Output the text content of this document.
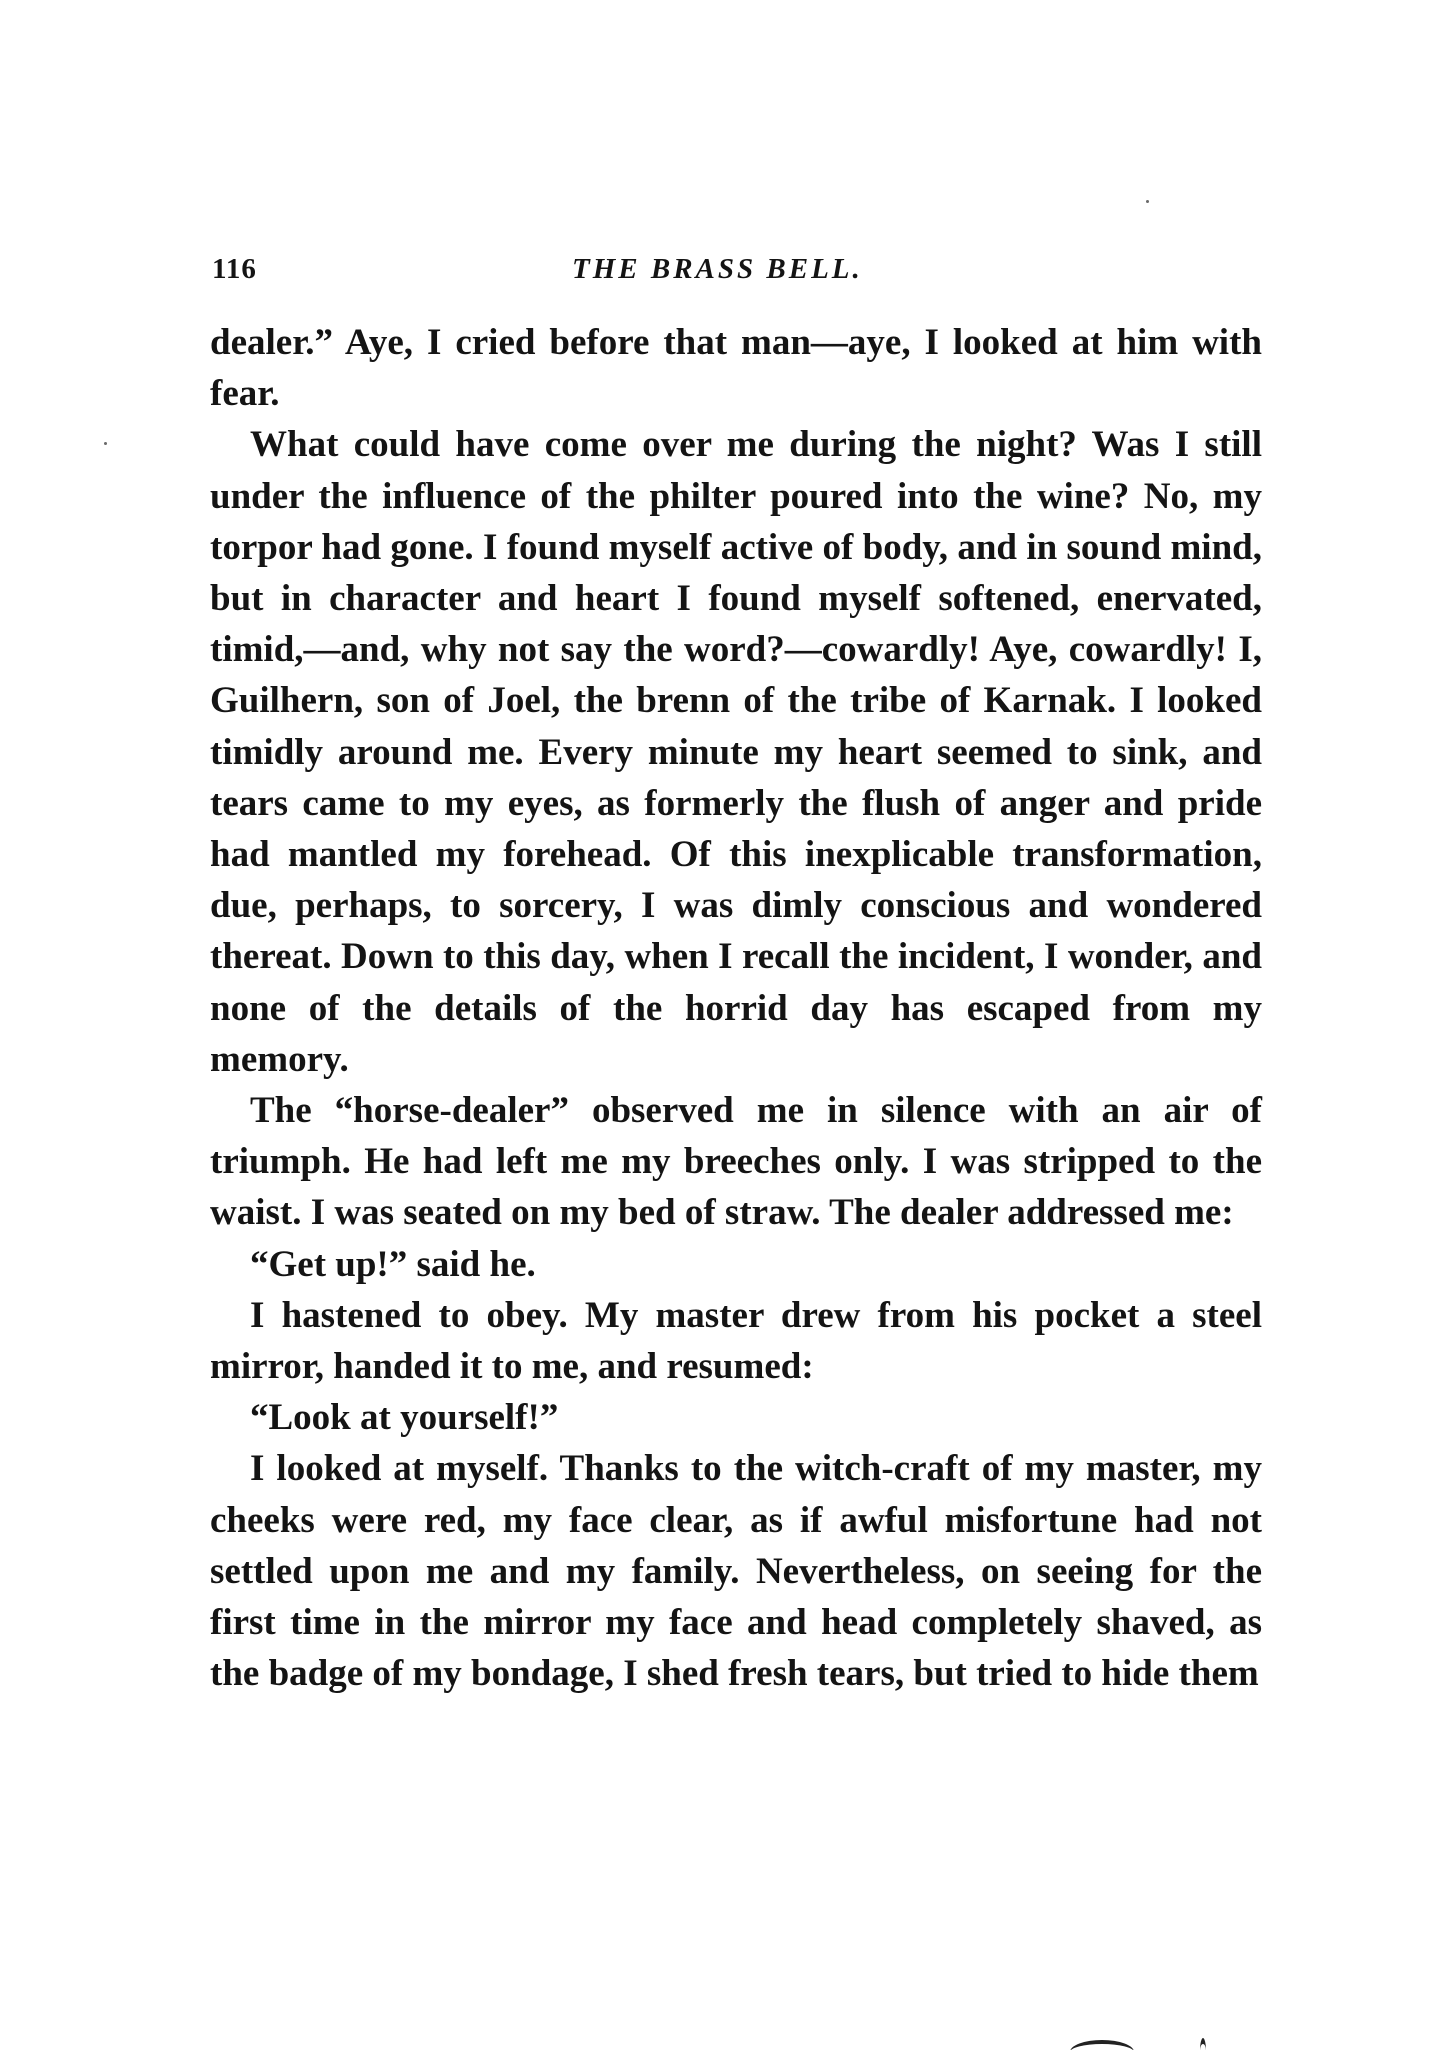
116	THE BRASS BELL.

dealer.” Aye, I cried before that man—aye, I looked at him with fear.

What could have come over me during the night? Was I still under the influence of the philter poured into the wine? No, my torpor had gone. I found myself active of body, and in sound mind, but in character and heart I found myself softened, enervated, timid,—and, why not say the word?—cowardly! Aye, cowardly! I, Guilhern, son of Joel, the brenn of the tribe of Karnak. I looked timidly around me. Every minute my heart seemed to sink, and tears came to my eyes, as formerly the flush of anger and pride had mantled my forehead. Of this inexplicable transformation, due, perhaps, to sorcery, I was dimly conscious and wondered thereat. Down to this day, when I recall the incident, I wonder, and none of the details of the horrid day has escaped from my memory.

The “horse-dealer” observed me in silence with an air of triumph. He had left me my breeches only. I was stripped to the waist. I was seated on my bed of straw. The dealer addressed me:

“Get up!” said he.

I hastened to obey. My master drew from his pocket a steel mirror, handed it to me, and resumed:

“Look at yourself!”

I looked at myself. Thanks to the witch-craft of my master, my cheeks were red, my face clear, as if awful misfortune had not settled upon me and my family. Nevertheless, on seeing for the first time in the mirror my face and head completely shaved, as the badge of my bondage, I shed fresh tears, but tried to hide them
